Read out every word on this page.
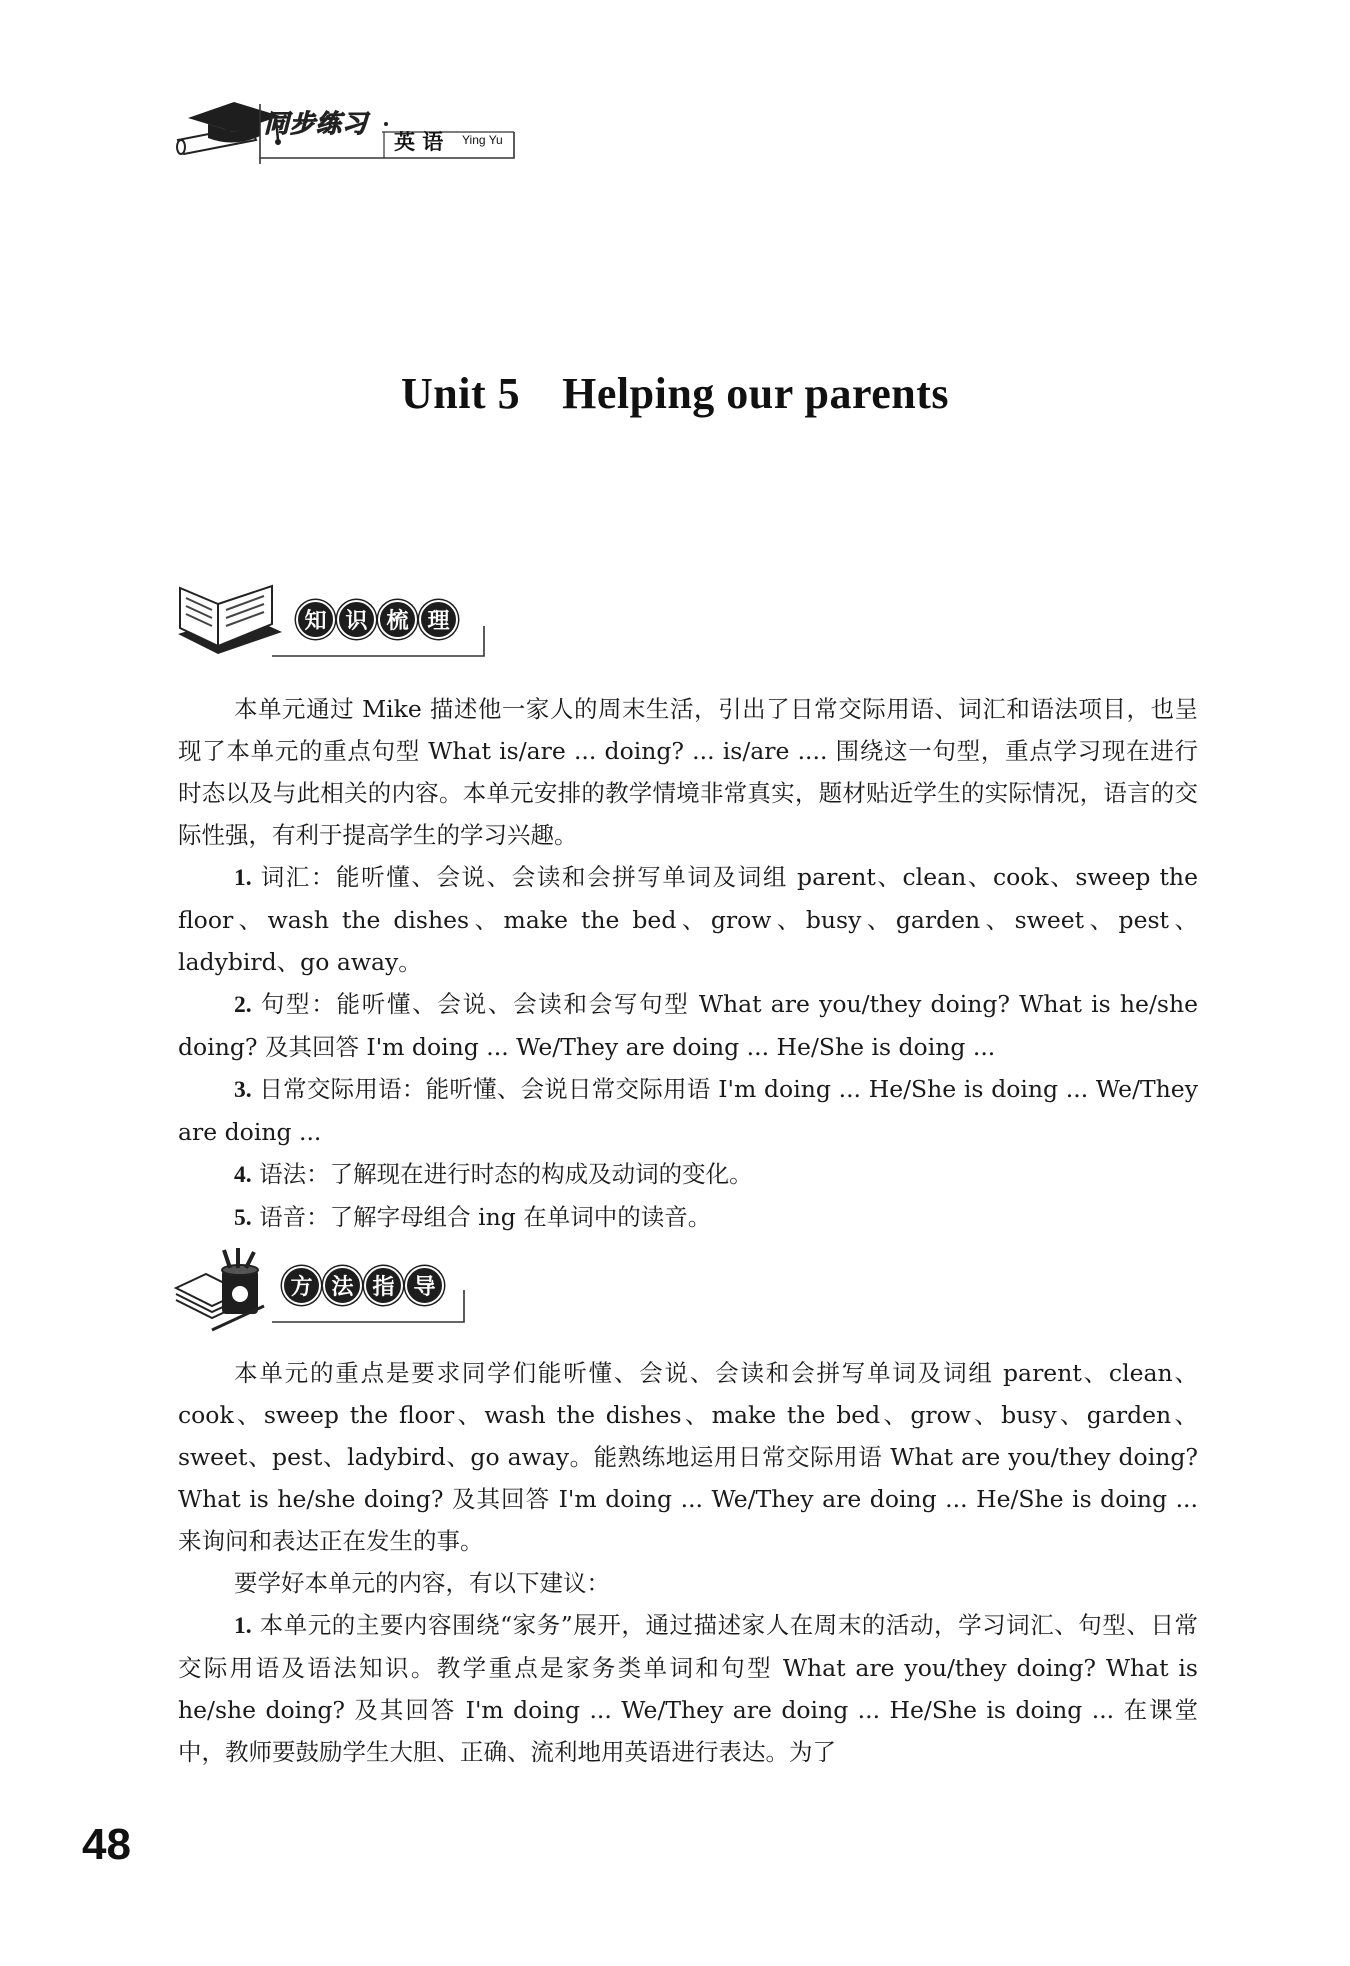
同步练习
英 语 Ying Yu
Unit 5 Helping our parents
知 识 梳 理

本单元通过 Mike 描述他一家人的周末生活，引出了日常交际用语、词汇和语法项目，也呈现了本单元的重点句型 What is/are ... doing? ... is/are .... 围绕这一句型，重点学习现在进行时态以及与此相关的内容。本单元安排的教学情境非常真实，题材贴近学生的实际情况，语言的交际性强，有利于提高学生的学习兴趣。

1. 词汇：能听懂、会说、会读和会拼写单词及词组 parent、clean、cook、sweep the floor、wash the dishes、make the bed、grow、busy、garden、sweet、pest、ladybird、go away。

2. 句型：能听懂、会说、会读和会写句型 What are you/they doing? What is he/she doing? 及其回答 I'm doing ... We/They are doing ... He/She is doing ...

3. 日常交际用语：能听懂、会说日常交际用语 I'm doing ... He/She is doing ... We/They are doing ...

4. 语法：了解现在进行时态的构成及动词的变化。

5. 语音：了解字母组合 ing 在单词中的读音。

方 法 指 导

本单元的重点是要求同学们能听懂、会说、会读和会拼写单词及词组 parent、clean、cook、sweep the floor、wash the dishes、make the bed、grow、busy、garden、sweet、pest、ladybird、go away。能熟练地运用日常交际用语 What are you/they doing? What is he/she doing? 及其回答 I'm doing ... We/They are doing ... He/She is doing ... 来询问和表达正在发生的事。

要学好本单元的内容，有以下建议：

1. 本单元的主要内容围绕“家务”展开，通过描述家人在周末的活动，学习词汇、句型、日常交际用语及语法知识。教学重点是家务类单词和句型 What are you/they doing? What is he/she doing? 及其回答 I'm doing ... We/They are doing ... He/She is doing ... 在课堂中，教师要鼓励学生大胆、正确、流利地用英语进行表达。为了

48
